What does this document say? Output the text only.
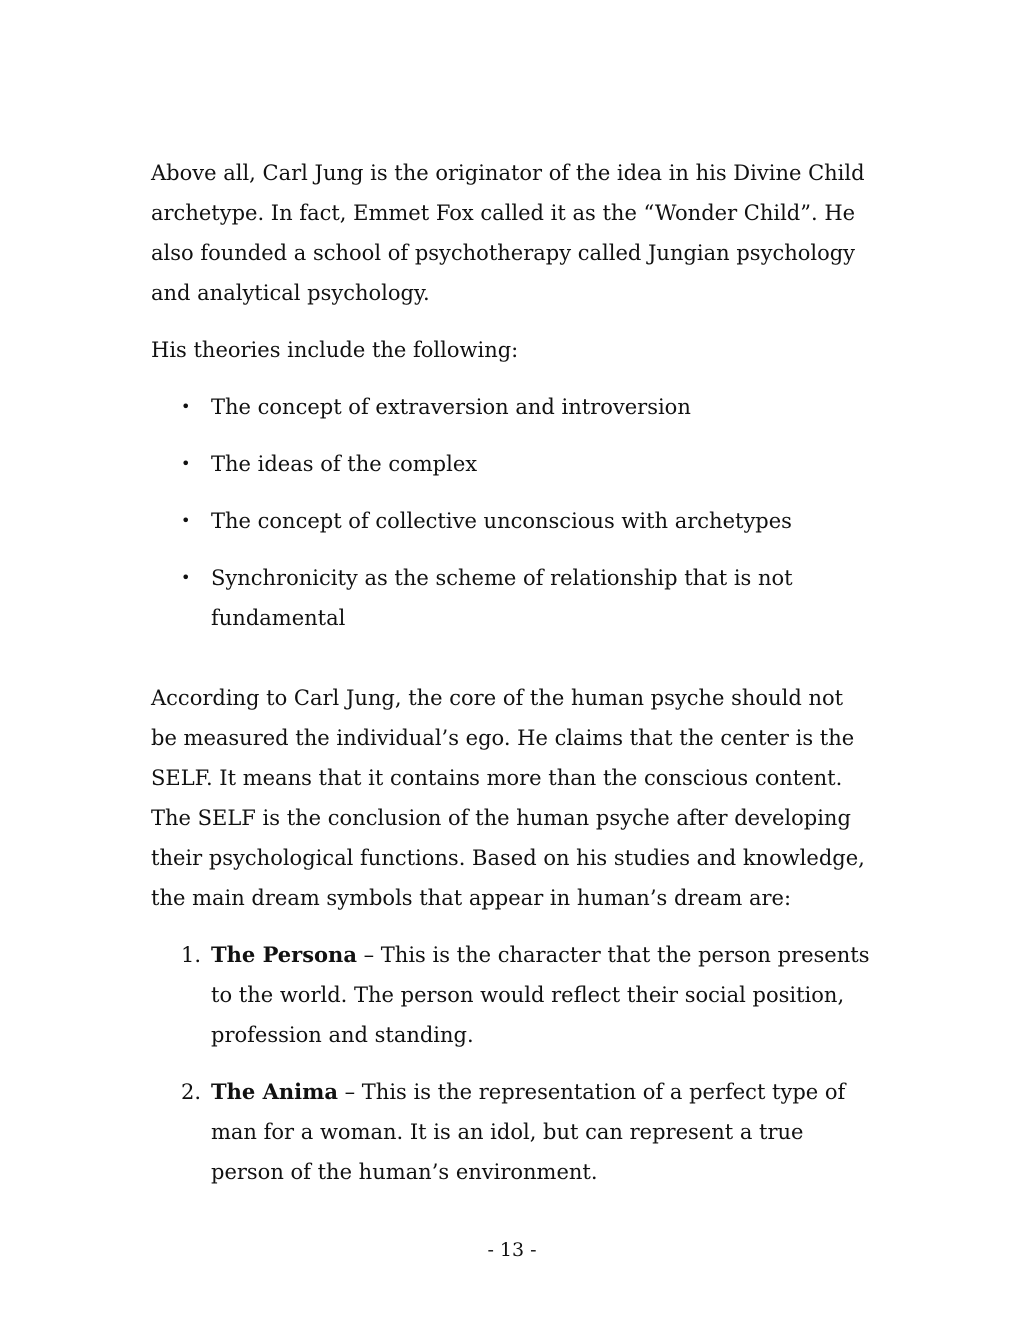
Above all, Carl Jung is the originator of the idea in his Divine Child archetype. In fact, Emmet Fox called it as the “Wonder Child”. He also founded a school of psychotherapy called Jungian psychology and analytical psychology.

His theories include the following:

• The concept of extraversion and introversion
• The ideas of the complex
• The concept of collective unconscious with archetypes
• Synchronicity as the scheme of relationship that is not fundamental

According to Carl Jung, the core of the human psyche should not be measured the individual’s ego. He claims that the center is the SELF. It means that it contains more than the conscious content. The SELF is the conclusion of the human psyche after developing their psychological functions. Based on his studies and knowledge, the main dream symbols that appear in human’s dream are:

1. The Persona – This is the character that the person presents to the world. The person would reflect their social position, profession and standing.
2. The Anima – This is the representation of a perfect type of man for a woman. It is an idol, but can represent a true person of the human’s environment.
- 13 -
